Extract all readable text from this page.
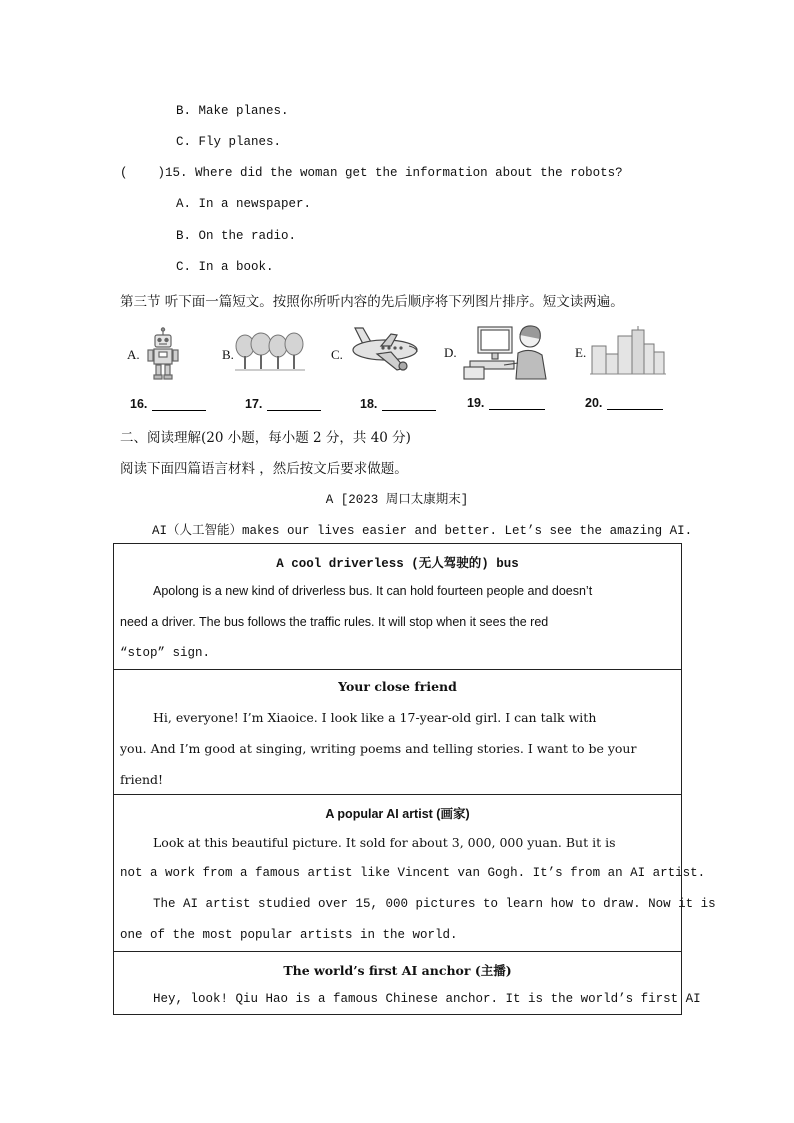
B. Make planes.
C. Fly planes.
(    )15. Where did the woman get the information about the robots?
A. In a newspaper.
B. On the radio.
C. In a book.
第三节 听下面一篇短文。按照你所听内容的先后顺序将下列图片排序。短文读两遍。
A.	B.	C.	D.	E.
16.	17.	18.	19.	20.
二、阅读理解(20 小题，每小题 2 分，共 40 分)
阅读下面四篇语言材料 ，然后按文后要求做题。
A [2023 周口太康期末]
AI（人工智能）makes our lives easier and better. Let’s see the amazing AI.
A cool driverless (无人驾驶的) bus
Apolong is a new kind of driverless bus. It can hold fourteen people and doesn’t
need a driver. The bus follows the traffic rules. It will stop when it sees the red
“stop” sign.
Your close friend
Hi, everyone! I’m Xiaoice. I look like a 17-year-old girl. I can talk with
you. And I’m good at singing, writing poems and telling stories. I want to be your
friend!
A popular AI artist (画家)
Look at this beautiful picture. It sold for about 3, 000, 000 yuan. But it is
not a work from a famous artist like Vincent van Gogh. It’s from an AI artist.
The AI artist studied over 15, 000 pictures to learn how to draw. Now it is
one of the most popular artists in the world.
The world’s first AI anchor (主播)
Hey, look! Qiu Hao is a famous Chinese anchor. It is the world’s first AI
